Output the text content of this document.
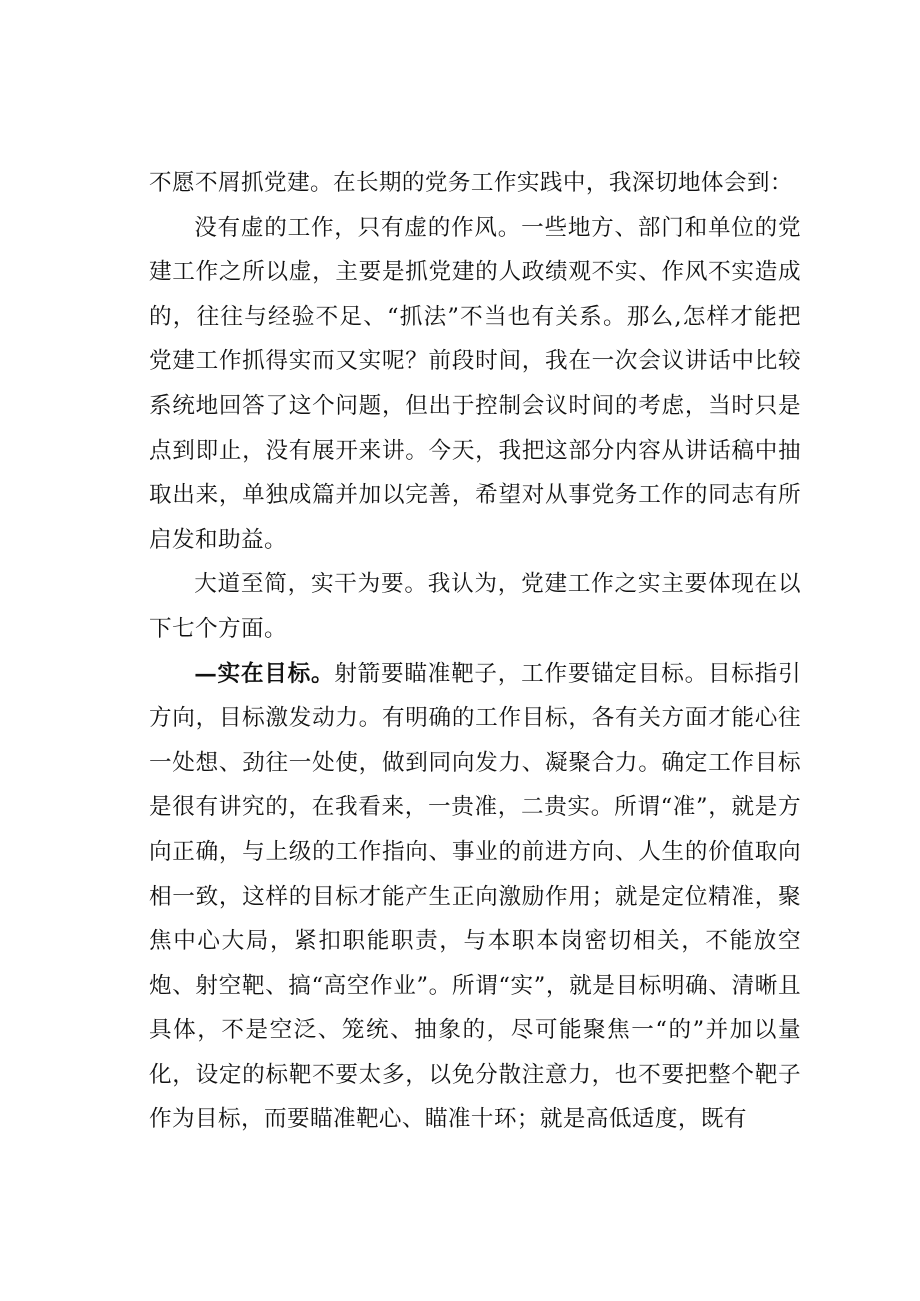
不愿不屑抓党建。在长期的党务工作实践中，我深切地体会到：

没有虚的工作，只有虚的作风。一些地方、部门和单位的党建工作之所以虚，主要是抓党建的人政绩观不实、作风不实造成的，往往与经验不足、“抓法”不当也有关系。那么,怎样才能把党建工作抓得实而又实呢？前段时间，我在一次会议讲话中比较系统地回答了这个问题，但出于控制会议时间的考虑，当时只是点到即止，没有展开来讲。今天，我把这部分内容从讲话稿中抽取出来，单独成篇并加以完善，希望对从事党务工作的同志有所启发和助益。

大道至简，实干为要。我认为，党建工作之实主要体现在以下七个方面。

—实在目标。射箭要瞄准靶子，工作要锚定目标。目标指引方向，目标激发动力。有明确的工作目标，各有关方面才能心往一处想、劲往一处使，做到同向发力、凝聚合力。确定工作目标是很有讲究的，在我看来，一贵准，二贵实。所谓“准”，就是方向正确，与上级的工作指向、事业的前进方向、人生的价值取向相一致，这样的目标才能产生正向激励作用；就是定位精准，聚焦中心大局，紧扣职能职责，与本职本岗密切相关，不能放空炮、射空靶、搞“高空作业”。所谓“实”，就是目标明确、清晰且具体，不是空泛、笼统、抽象的，尽可能聚焦一“的”并加以量化，设定的标靶不要太多，以免分散注意力，也不要把整个靶子作为目标，而要瞄准靶心、瞄准十环；就是高低适度，既有
